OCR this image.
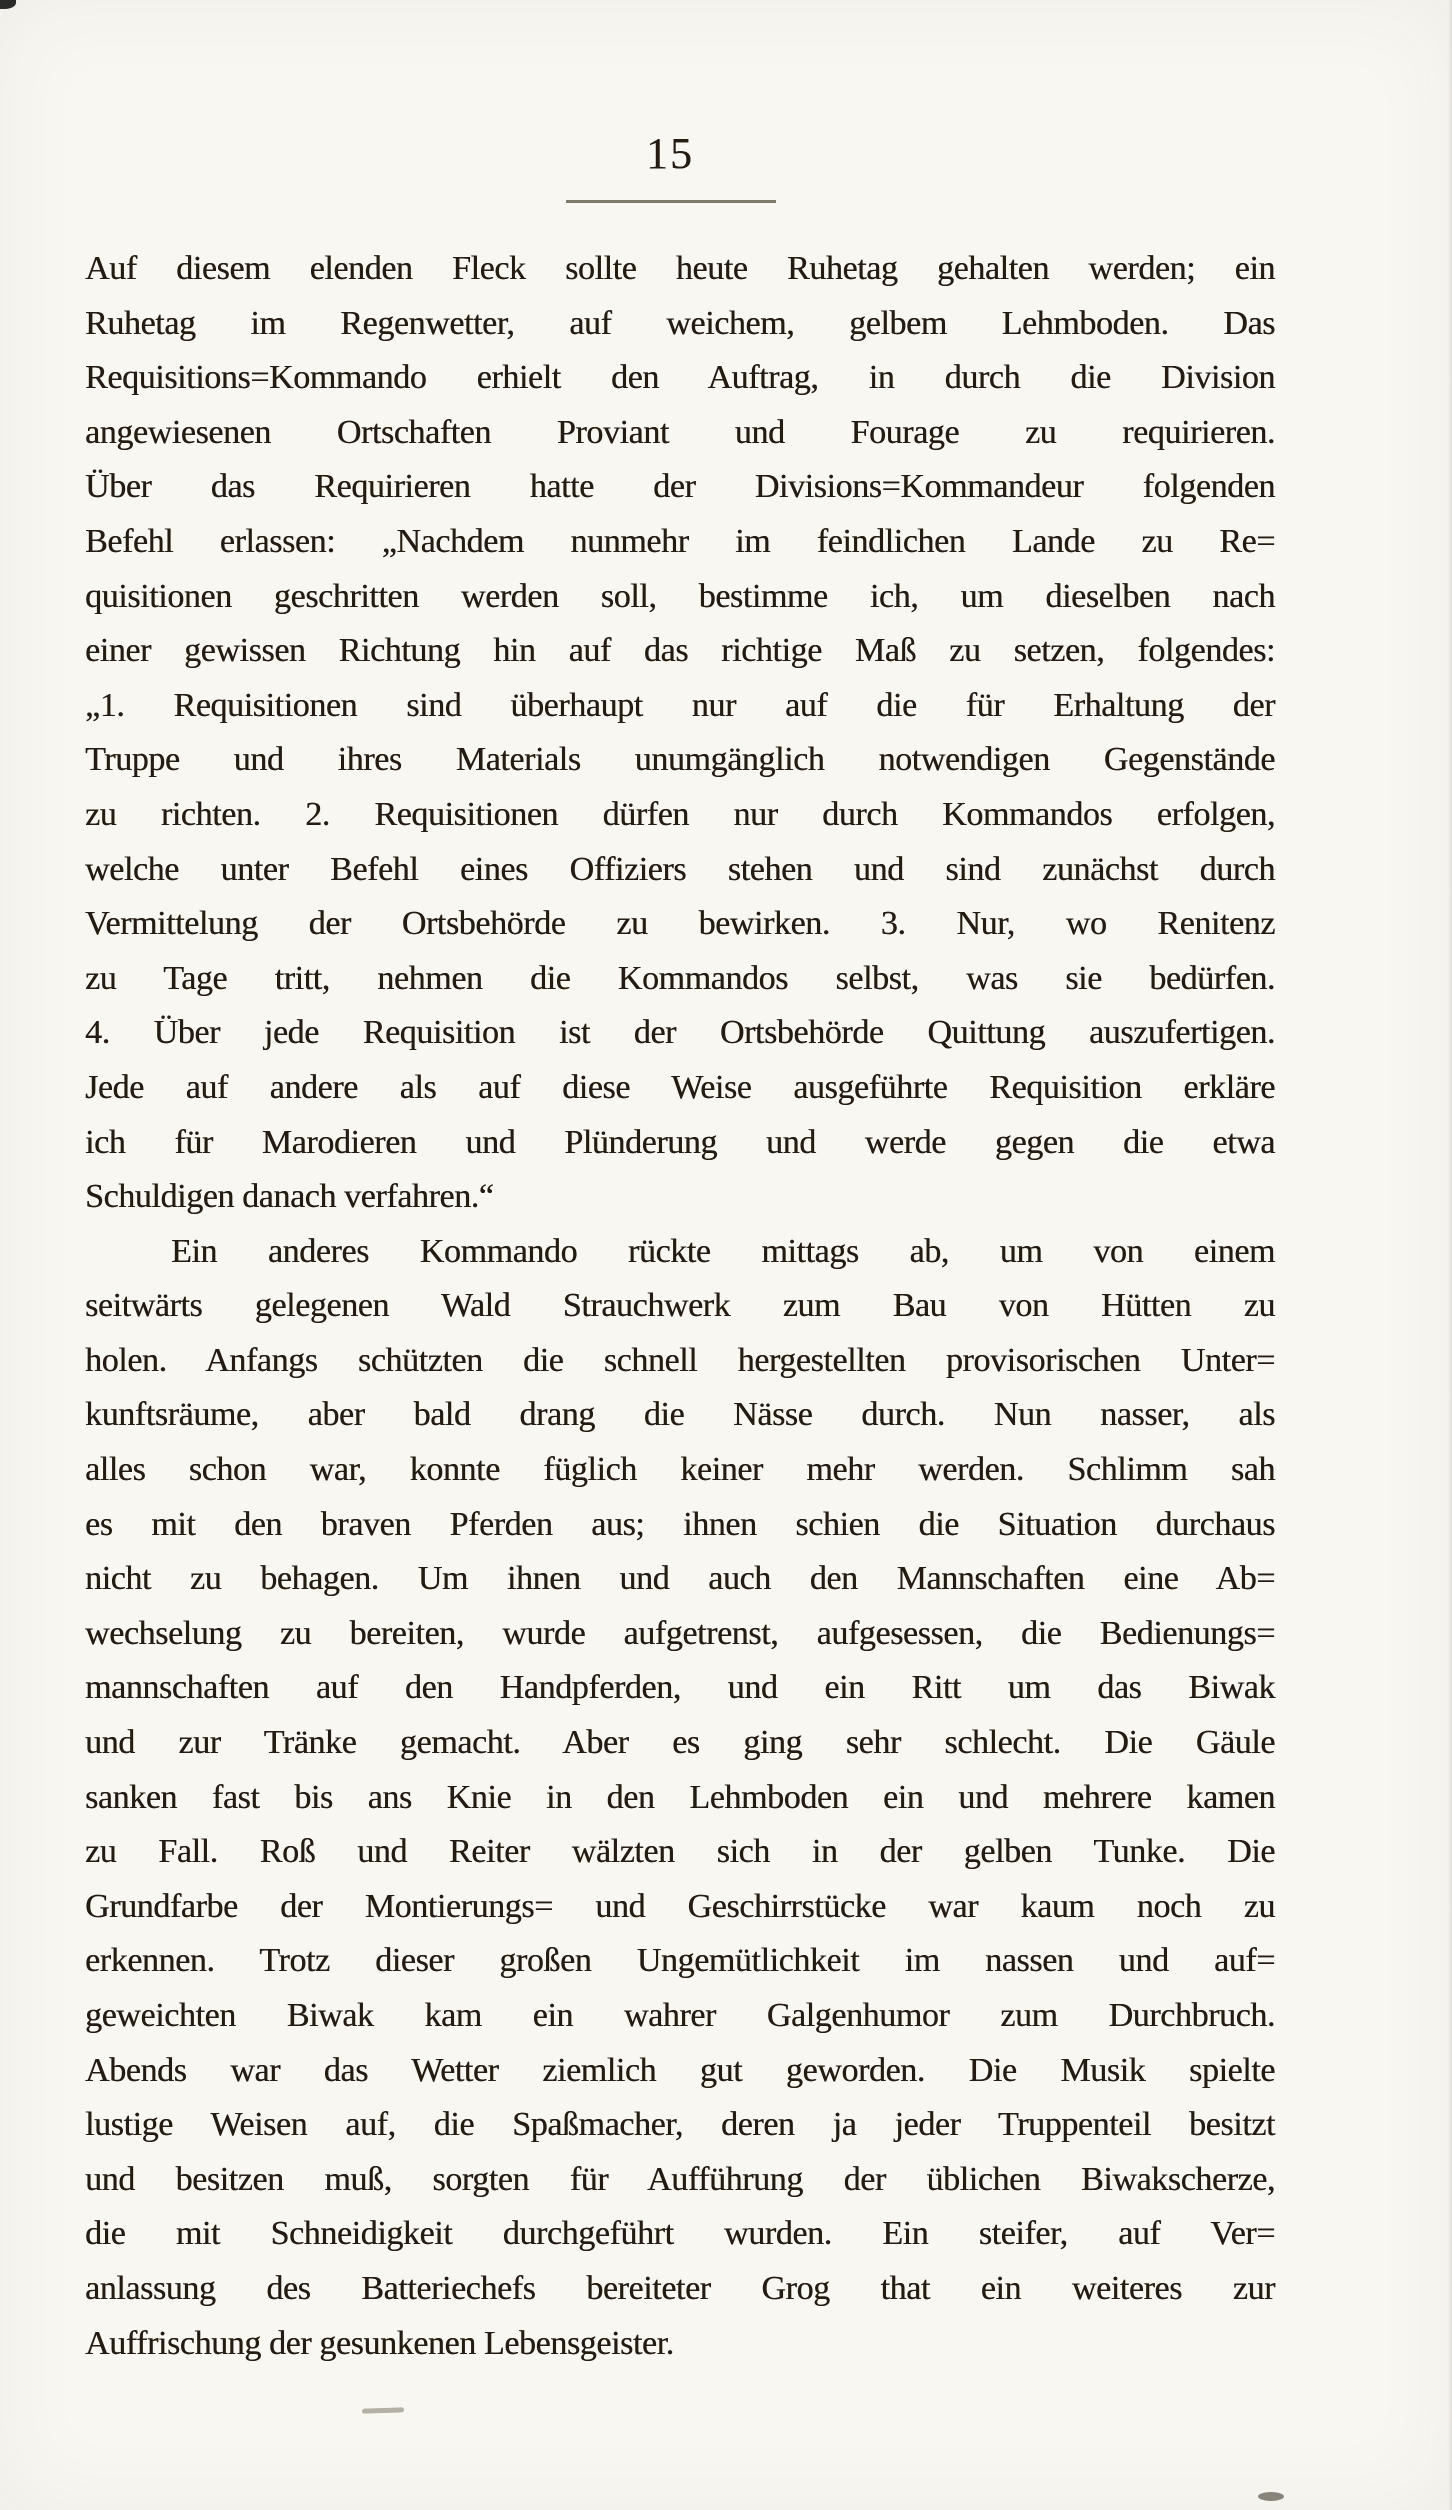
15
Auf diesem elenden Fleck sollte heute Ruhetag gehalten werden; ein
Ruhetag im Regenwetter, auf weichem, gelbem Lehmboden. Das
Requisitions=Kommando erhielt den Auftrag, in durch die Division
angewiesenen Ortschaften Proviant und Fourage zu requirieren.
Über das Requirieren hatte der Divisions=Kommandeur folgenden
Befehl erlassen: „Nachdem nunmehr im feindlichen Lande zu Re=
quisitionen geschritten werden soll, bestimme ich, um dieselben nach
einer gewissen Richtung hin auf das richtige Maß zu setzen, folgendes:
„1. Requisitionen sind überhaupt nur auf die für Erhaltung der
Truppe und ihres Materials unumgänglich notwendigen Gegenstände
zu richten. 2. Requisitionen dürfen nur durch Kommandos erfolgen,
welche unter Befehl eines Offiziers stehen und sind zunächst durch
Vermittelung der Ortsbehörde zu bewirken. 3. Nur, wo Renitenz
zu Tage tritt, nehmen die Kommandos selbst, was sie bedürfen.
4. Über jede Requisition ist der Ortsbehörde Quittung auszufertigen.
Jede auf andere als auf diese Weise ausgeführte Requisition erkläre
ich für Marodieren und Plünderung und werde gegen die etwa
Schuldigen danach verfahren.“
Ein anderes Kommando rückte mittags ab, um von einem
seitwärts gelegenen Wald Strauchwerk zum Bau von Hütten zu
holen. Anfangs schützten die schnell hergestellten provisorischen Unter=
kunftsräume, aber bald drang die Nässe durch. Nun nasser, als
alles schon war, konnte füglich keiner mehr werden. Schlimm sah
es mit den braven Pferden aus; ihnen schien die Situation durchaus
nicht zu behagen. Um ihnen und auch den Mannschaften eine Ab=
wechselung zu bereiten, wurde aufgetrenst, aufgesessen, die Bedienungs=
mannschaften auf den Handpferden, und ein Ritt um das Biwak
und zur Tränke gemacht. Aber es ging sehr schlecht. Die Gäule
sanken fast bis ans Knie in den Lehmboden ein und mehrere kamen
zu Fall. Roß und Reiter wälzten sich in der gelben Tunke. Die
Grundfarbe der Montierungs= und Geschirrstücke war kaum noch zu
erkennen. Trotz dieser großen Ungemütlichkeit im nassen und auf=
geweichten Biwak kam ein wahrer Galgenhumor zum Durchbruch.
Abends war das Wetter ziemlich gut geworden. Die Musik spielte
lustige Weisen auf, die Spaßmacher, deren ja jeder Truppenteil besitzt
und besitzen muß, sorgten für Aufführung der üblichen Biwakscherze,
die mit Schneidigkeit durchgeführt wurden. Ein steifer, auf Ver=
anlassung des Batteriechefs bereiteter Grog that ein weiteres zur
Auffrischung der gesunkenen Lebensgeister.
